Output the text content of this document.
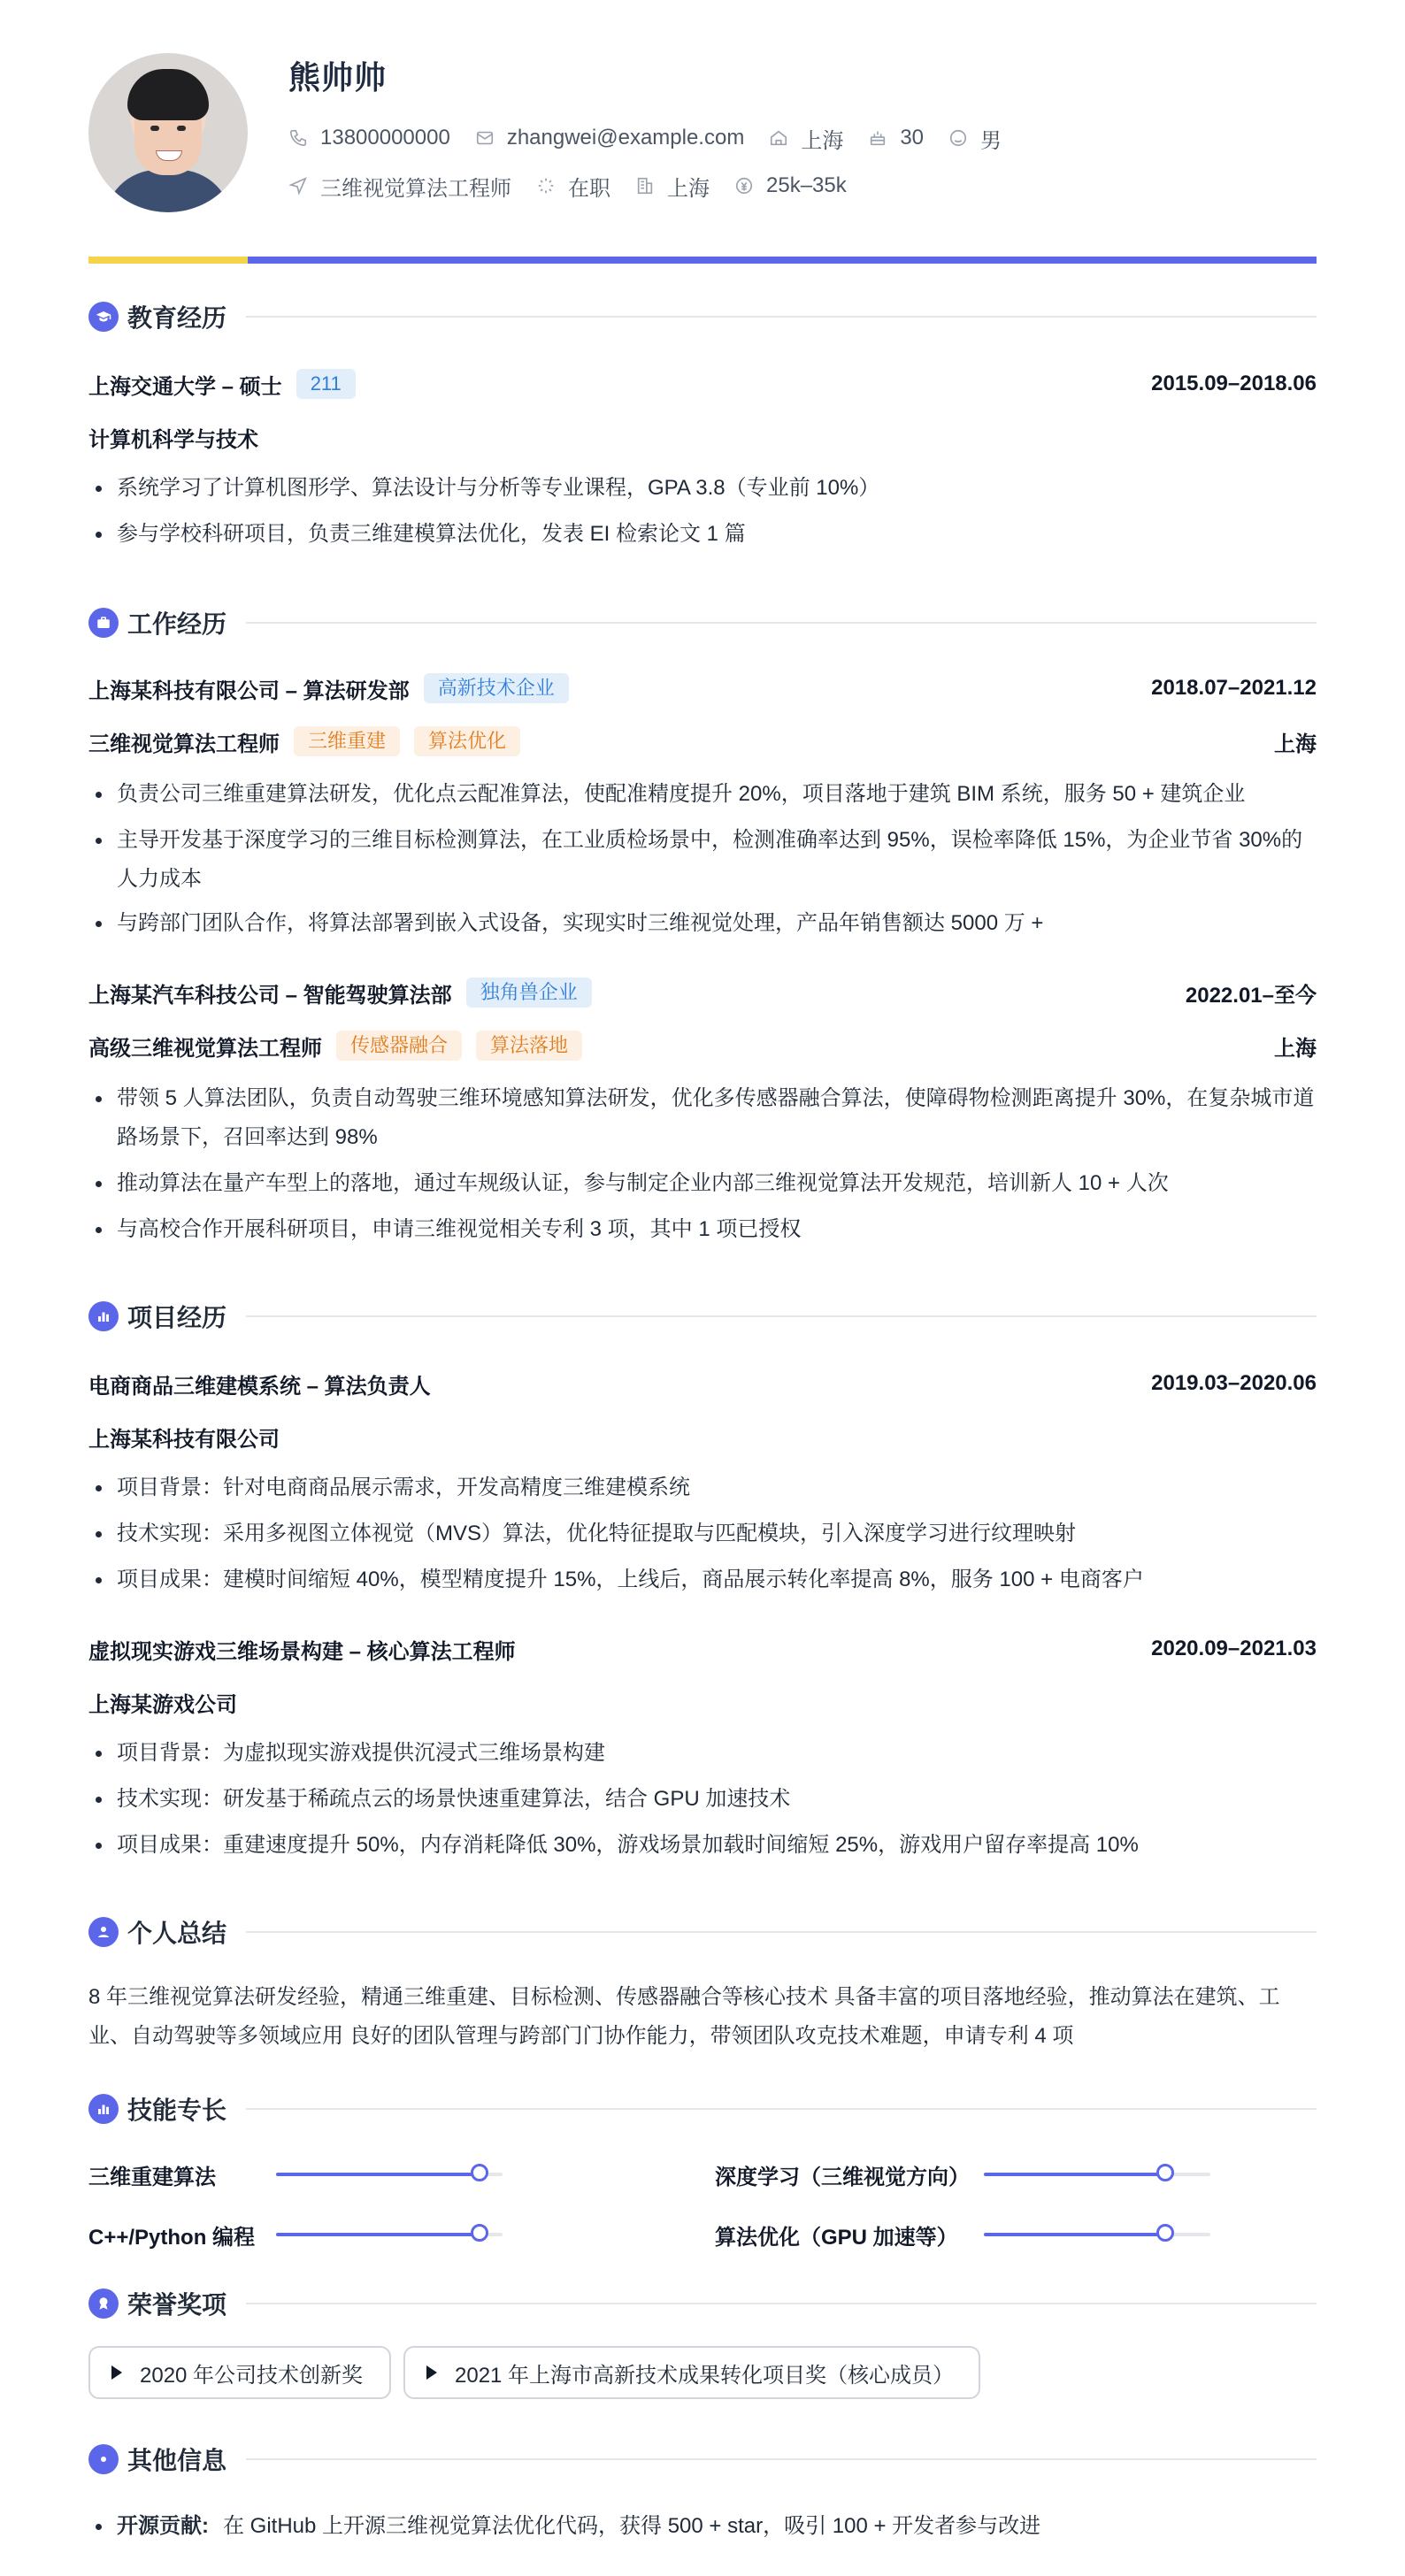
熊帅帅
13800000000	zhangwei@example.com	上海	30	男
三维视觉算法工程师	在职	上海	25k–35k
教育经历
上海交通大学 – 硕士	211	2015.09–2018.06
计算机科学与技术
系统学习了计算机图形学、算法设计与分析等专业课程，GPA 3.8（专业前 10%）
参与学校科研项目，负责三维建模算法优化，发表 EI 检索论文 1 篇
工作经历
上海某科技有限公司 – 算法研发部	高新技术企业	2018.07–2021.12
三维视觉算法工程师	三维重建	算法优化	上海
负责公司三维重建算法研发，优化点云配准算法，使配准精度提升 20%，项目落地于建筑 BIM 系统，服务 50 + 建筑企业
主导开发基于深度学习的三维目标检测算法，在工业质检场景中，检测准确率达到 95%，误检率降低 15%，为企业节省 30%的人力成本
与跨部门团队合作，将算法部署到嵌入式设备，实现实时三维视觉处理，产品年销售额达 5000 万 +
上海某汽车科技公司 – 智能驾驶算法部	独角兽企业	2022.01–至今
高级三维视觉算法工程师	传感器融合	算法落地	上海
带领 5 人算法团队，负责自动驾驶三维环境感知算法研发，优化多传感器融合算法，使障碍物检测距离提升 30%，在复杂城市道路场景下，召回率达到 98%
推动算法在量产车型上的落地，通过车规级认证，参与制定企业内部三维视觉算法开发规范，培训新人 10 + 人次
与高校合作开展科研项目，申请三维视觉相关专利 3 项，其中 1 项已授权
项目经历
电商商品三维建模系统 – 算法负责人	2019.03–2020.06
上海某科技有限公司
项目背景：针对电商商品展示需求，开发高精度三维建模系统
技术实现：采用多视图立体视觉（MVS）算法，优化特征提取与匹配模块，引入深度学习进行纹理映射
项目成果：建模时间缩短 40%，模型精度提升 15%，上线后，商品展示转化率提高 8%，服务 100 + 电商客户
虚拟现实游戏三维场景构建 – 核心算法工程师	2020.09–2021.03
上海某游戏公司
项目背景：为虚拟现实游戏提供沉浸式三维场景构建
技术实现：研发基于稀疏点云的场景快速重建算法，结合 GPU 加速技术
项目成果：重建速度提升 50%，内存消耗降低 30%，游戏场景加载时间缩短 25%，游戏用户留存率提高 10%
个人总结
8 年三维视觉算法研发经验，精通三维重建、目标检测、传感器融合等核心技术 具备丰富的项目落地经验，推动算法在建筑、工业、自动驾驶等多领域应用 良好的团队管理与跨部门门协作能力，带领团队攻克技术难题，申请专利 4 项
技能专长
三维重建算法	深度学习（三维视觉方向）
C++/Python 编程	算法优化（GPU 加速等）
荣誉奖项
2020 年公司技术创新奖	2021 年上海市高新技术成果转化项目奖（核心成员）
其他信息
开源贡献: 在 GitHub 上开源三维视觉算法优化代码，获得 500 + star，吸引 100 + 开发者参与改进
